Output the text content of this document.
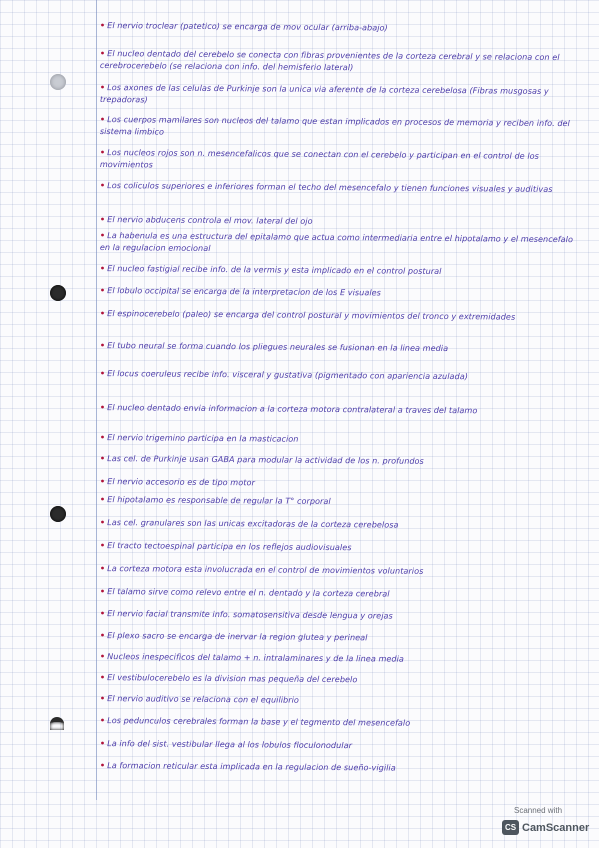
• El nervio troclear (patetico) se encarga de mov ocular (arriba-abajo)
• El nucleo dentado del cerebelo se conecta con fibras provenientes de la corteza cerebral y se relaciona con el cerebrocerebelo (se relaciona con info. del hemisferio lateral)
• Los axones de las celulas de Purkinje son la unica via aferente de la corteza cerebelosa (Fibras musgosas y trepadoras)
• Los cuerpos mamilares son nucleos del talamo que estan implicados en procesos de memoria y reciben info. del sistema limbico
• Los nucleos rojos son n. mesencefalicos que se conectan con el cerebelo y participan en el control de los movimientos
• Los coliculos superiores e inferiores forman el techo del mesencefalo y tienen funciones visuales y auditivas
• El nervio abducens controla el mov. lateral del ojo
• La habenula es una estructura del epitalamo que actua como intermediaria entre el hipotalamo y el mesencefalo en la regulacion emocional
• El nucleo fastigial recibe info. de la vermis y esta implicado en el control postural
• El lobulo occipital se encarga de la interpretacion de los E visuales
• El espinocerebelo (paleo) se encarga del control postural y movimientos del tronco y extremidades
• El tubo neural se forma cuando los pliegues neurales se fusionan en la linea media
• El locus coeruleus recibe info. visceral y gustativa (pigmentado con apariencia azulada)
• El nucleo dentado envia informacion a la corteza motora contralateral a traves del talamo
• El nervio trigemino participa en la masticacion
• Las cel. de Purkinje usan GABA para modular la actividad de los n. profundos
• El nervio accesorio es de tipo motor
• El hipotalamo es responsable de regular la T° corporal
• Las cel. granulares son las unicas excitadoras de la corteza cerebelosa
• El tracto tectoespinal participa en los reflejos audiovisuales
• La corteza motora esta involucrada en el control de movimientos voluntarios
• El talamo sirve como relevo entre el n. dentado y la corteza cerebral
• El nervio facial transmite info. somatosensitiva desde lengua y orejas
• El plexo sacro se encarga de inervar la region glutea y perineal
• Nucleos inespecificos del talamo + n. intralaminares y de la linea media
• El vestibulocerebelo es la division mas pequeña del cerebelo
• El nervio auditivo se relaciona con el equilibrio
• Los pedunculos cerebrales forman la base y el tegmento del mesencefalo
• La info del sist. vestibular llega al los lobulos floculonodular
• La formacion reticular esta implicada en la regulacion de sueño-vigilia
Scanned with
CS CamScanner
